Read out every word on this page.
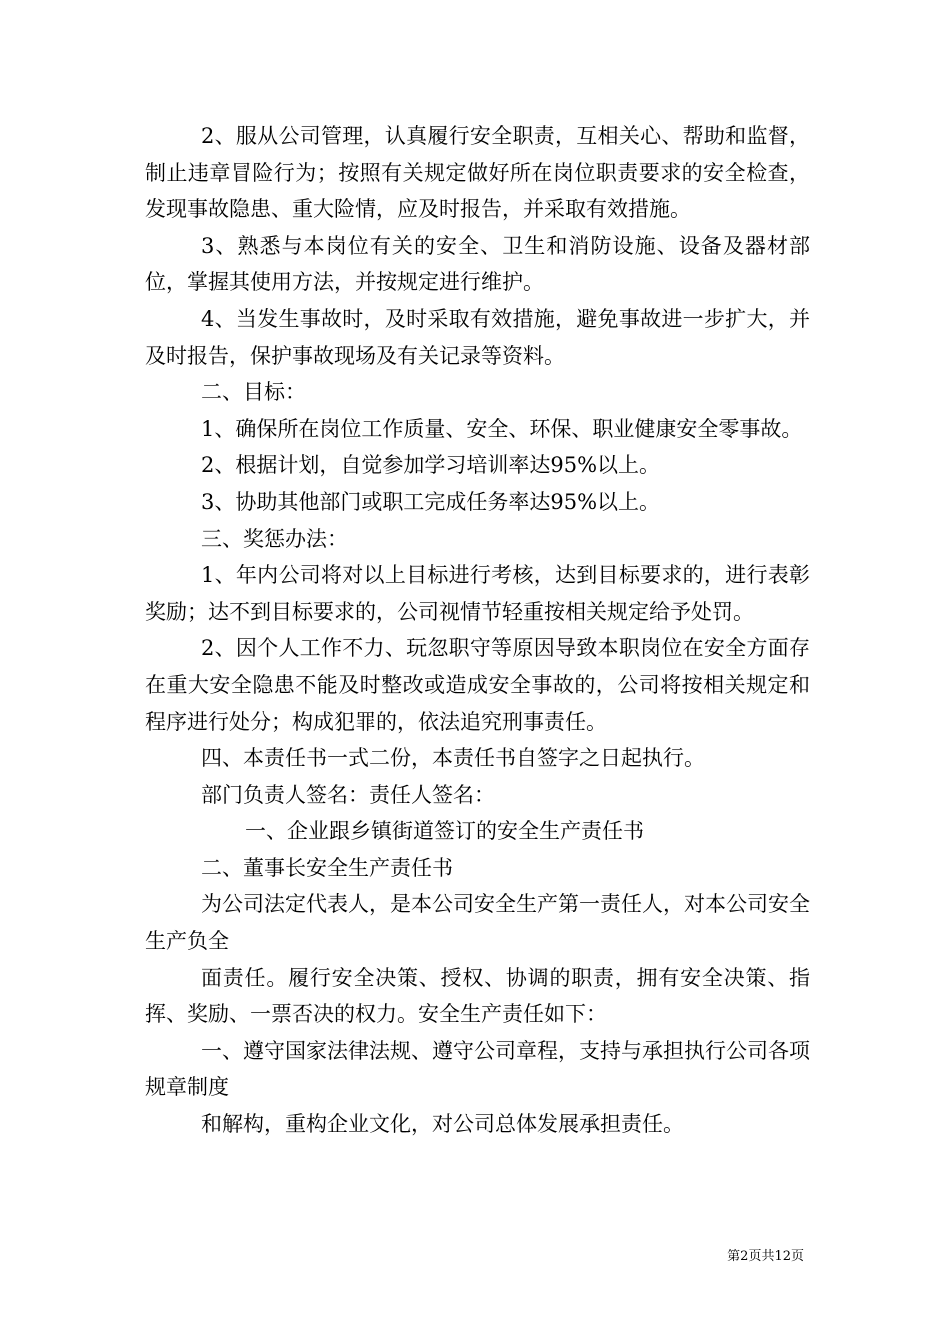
2、服从公司管理，认真履行安全职责，互相关心、帮助和监督，制止违章冒险行为；按照有关规定做好所在岗位职责要求的安全检查，发现事故隐患、重大险情，应及时报告，并采取有效措施。

3、熟悉与本岗位有关的安全、卫生和消防设施、设备及器材部位，掌握其使用方法，并按规定进行维护。

4、当发生事故时，及时采取有效措施，避免事故进一步扩大，并及时报告，保护事故现场及有关记录等资料。

二、目标：

1、确保所在岗位工作质量、安全、环保、职业健康安全零事故。

2、根据计划，自觉参加学习培训率达95%以上。

3、协助其他部门或职工完成任务率达95%以上。

三、奖惩办法：

1、年内公司将对以上目标进行考核，达到目标要求的，进行表彰奖励；达不到目标要求的，公司视情节轻重按相关规定给予处罚。

2、因个人工作不力、玩忽职守等原因导致本职岗位在安全方面存在重大安全隐患不能及时整改或造成安全事故的，公司将按相关规定和程序进行处分；构成犯罪的，依法追究刑事责任。

四、本责任书一式二份，本责任书自签字之日起执行。

部门负责人签名：责任人签名：

一、企业跟乡镇街道签订的安全生产责任书

二、董事长安全生产责任书

为公司法定代表人，是本公司安全生产第一责任人，对本公司安全生产负全

面责任。履行安全决策、授权、协调的职责，拥有安全决策、指挥、奖励、一票否决的权力。安全生产责任如下：

一、遵守国家法律法规、遵守公司章程，支持与承担执行公司各项规章制度

和解构，重构企业文化，对公司总体发展承担责任。

第2页共12页
